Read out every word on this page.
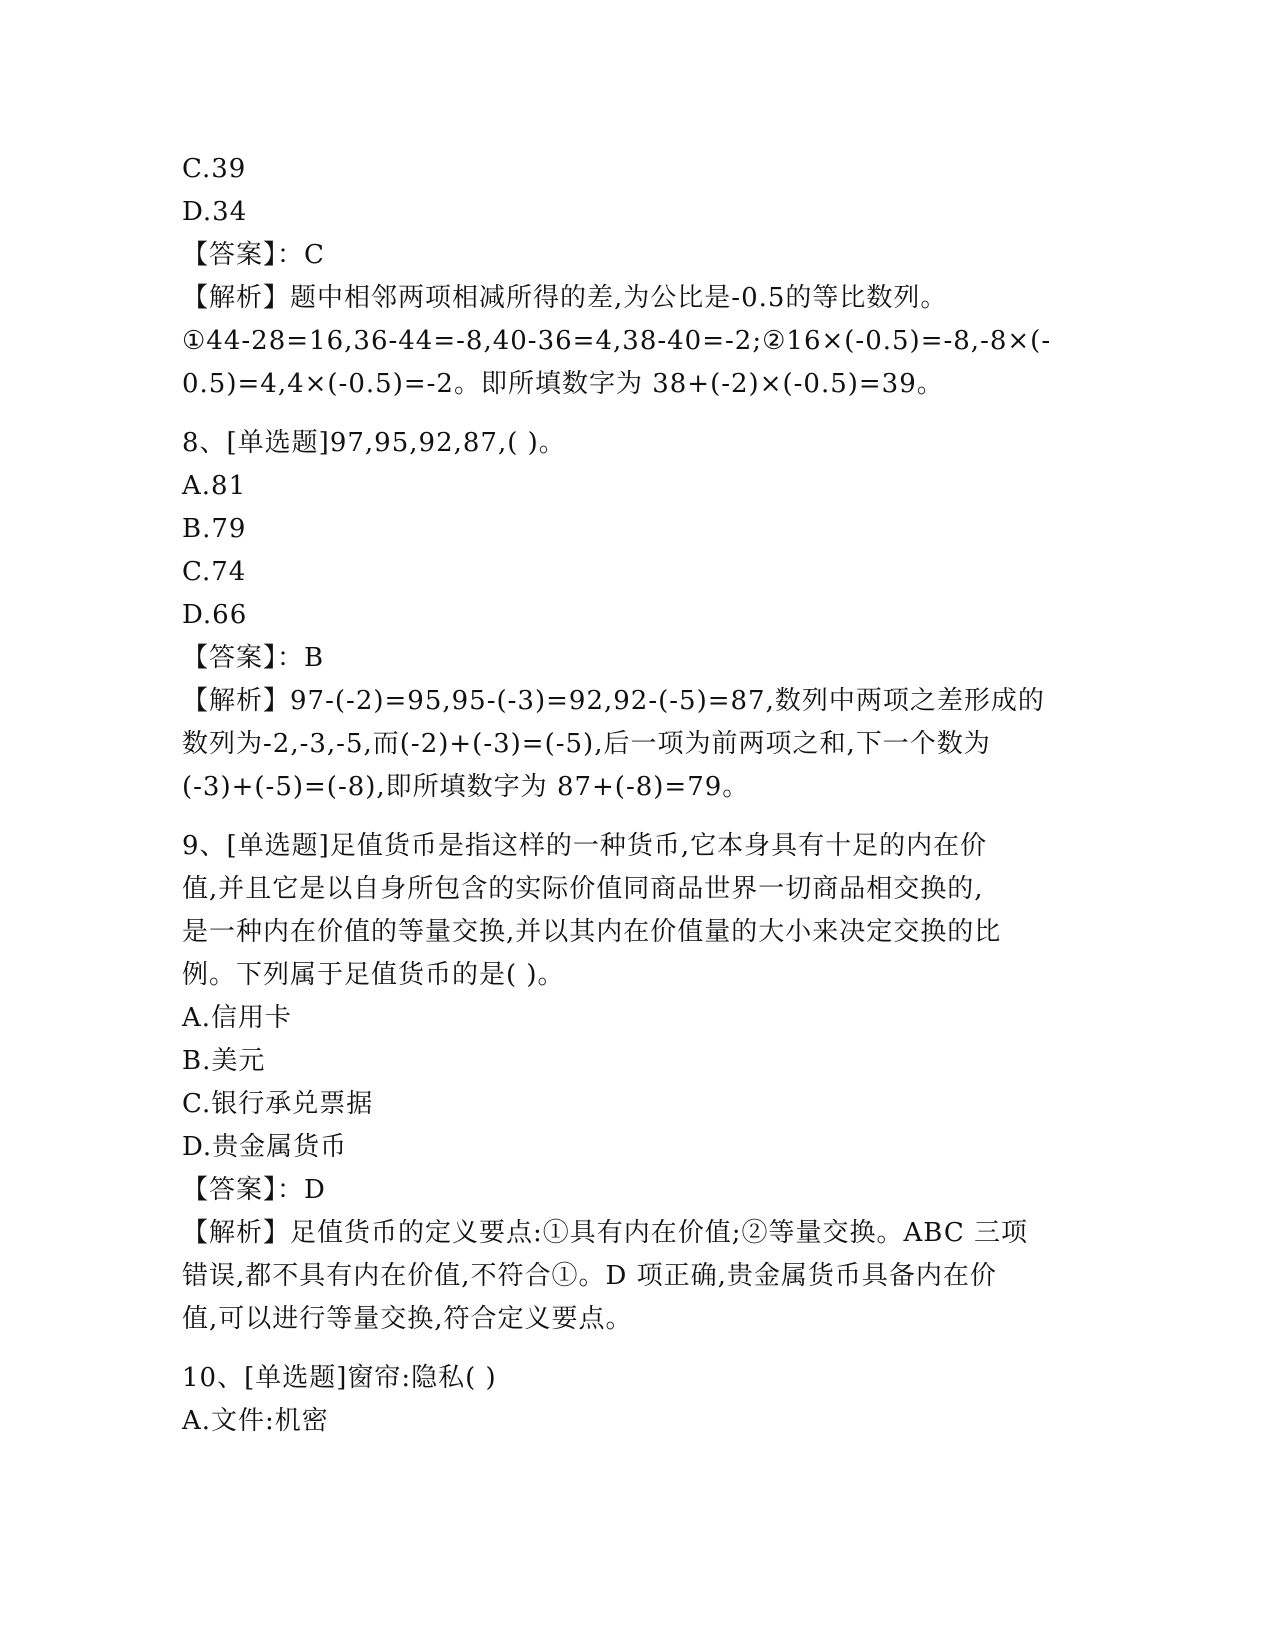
C.39
D.34
【答案】：C
【解析】题中相邻两项相减所得的差,为公比是-0.5的等比数列。
①44-28=16,36-44=-8,40-36=4,38-40=-2;②16×(-0.5)=-8,-8×(-
0.5)=4,4×(-0.5)=-2。即所填数字为 38+(-2)×(-0.5)=39。
8、[单选题]97,95,92,87,( )。
A.81
B.79
C.74
D.66
【答案】：B
【解析】97-(-2)=95,95-(-3)=92,92-(-5)=87,数列中两项之差形成的
数列为-2,-3,-5,而(-2)+(-3)=(-5),后一项为前两项之和,下一个数为
(-3)+(-5)=(-8),即所填数字为 87+(-8)=79。
9、[单选题]足值货币是指这样的一种货币,它本身具有十足的内在价
值,并且它是以自身所包含的实际价值同商品世界一切商品相交换的,
是一种内在价值的等量交换,并以其内在价值量的大小来决定交换的比
例。下列属于足值货币的是( )。
A.信用卡
B.美元
C.银行承兑票据
D.贵金属货币
【答案】：D
【解析】足值货币的定义要点:①具有内在价值;②等量交换。ABC 三项
错误,都不具有内在价值,不符合①。D 项正确,贵金属货币具备内在价
值,可以进行等量交换,符合定义要点。
10、[单选题]窗帘:隐私( )
A.文件:机密
